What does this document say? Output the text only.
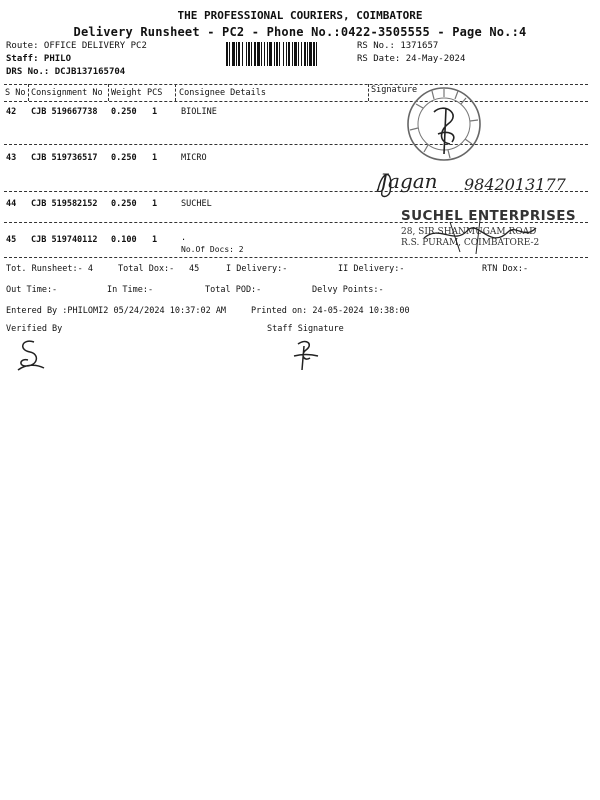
THE PROFESSIONAL COURIERS, COIMBATORE
Delivery Runsheet - PC2 - Phone No.:0422-3505555 - Page No.:4
Route: OFFICE DELIVERY PC2
Staff: PHILO
DRS No.: DCJB137165704
RS No.: 1371657
RS Date: 24-May-2024
S No Consignment No Weight PCS Consignee Details	Signature
42 CJB 519667738 0.250 1	BIOLINE
43 CJB 519736517 0.250 1	MICRO
44 CJB 519582152 0.250 1	SUCHEL
45 CJB 519740112 0.100 1	.
No.Of Docs: 2
Jagan 9842013177
SUCHEL ENTERPRISES
28, SIR SHANMUGAM ROAD
R.S. PURAM, COIMBATORE-2
Tot. Runsheet:- 4	Total Dox:- 45	I Delivery:-	II Delivery:-	RTN Dox:-
Out Time:-	In Time:-	Total POD:-	Delvy Points:-
Entered By :PHILOMI2 05/24/2024 10:37:02 AM	Printed on: 24-05-2024 10:38:00
Verified By	Staff Signature
